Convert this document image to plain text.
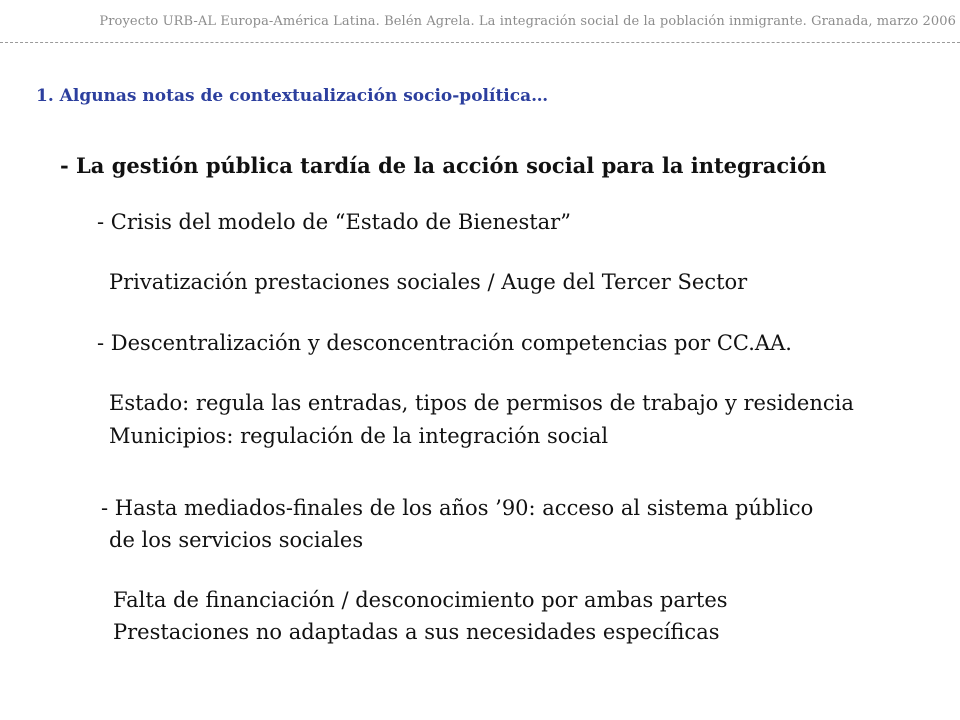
Proyecto URB-AL Europa-América Latina. Belén Agrela. La integración social de la población inmigrante. Granada, marzo 2006
1. Algunas notas de contextualización socio-política…
- La gestión pública tardía de la acción social para la integración
- Crisis del modelo de “Estado de Bienestar”
Privatización prestaciones sociales / Auge del Tercer Sector
- Descentralización y desconcentración competencias por CC.AA.
Estado: regula las entradas, tipos de permisos de trabajo y residencia
Municipios: regulación de la integración social
- Hasta mediados-finales de los años ’90: acceso al sistema público
de los servicios sociales
Falta de financiación / desconocimiento por ambas partes
Prestaciones no adaptadas a sus necesidades específicas
